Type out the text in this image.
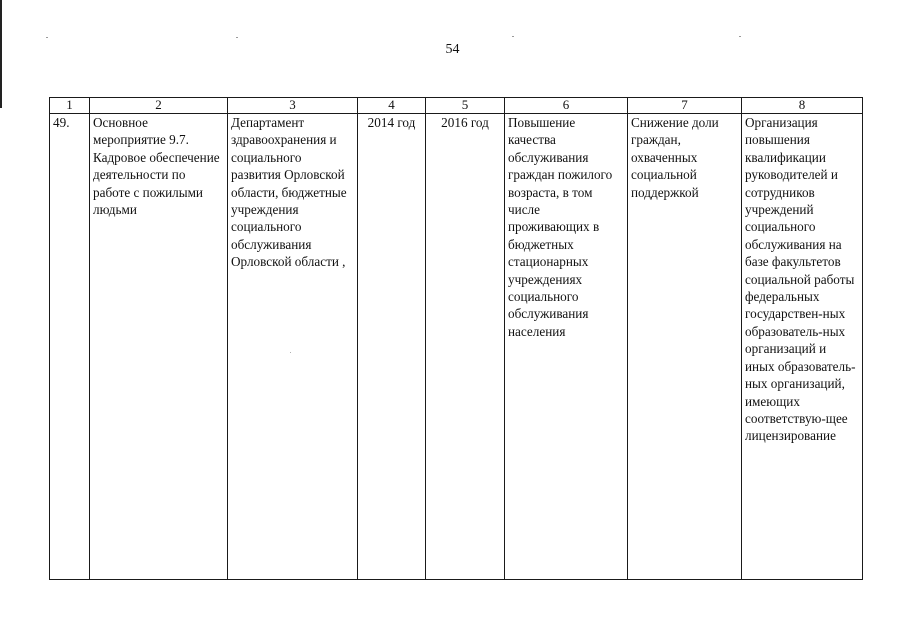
54
1	2	3	4	5	6	7	8
49.	Основное мероприятие 9.7. Кадровое обеспечение деятельности по работе с пожилыми людьми	Департамент здравоохранения и социального развития Орловской области, бюджетные учреждения социального обслуживания Орловской области ,	2014 год	2016 год	Повышение качества обслуживания граждан пожилого возраста, в том числе проживающих в бюджетных стационарных учреждениях социального обслуживания населения	Снижение доли граждан, охваченных социальной поддержкой	Организация повышения квалификации руководителей и сотрудников учреждений социального обслуживания на базе факультетов социальной работы федеральных государствен-ных образователь-ных организаций и иных образователь-ных организаций, имеющих соответствую-щее лицензирование
